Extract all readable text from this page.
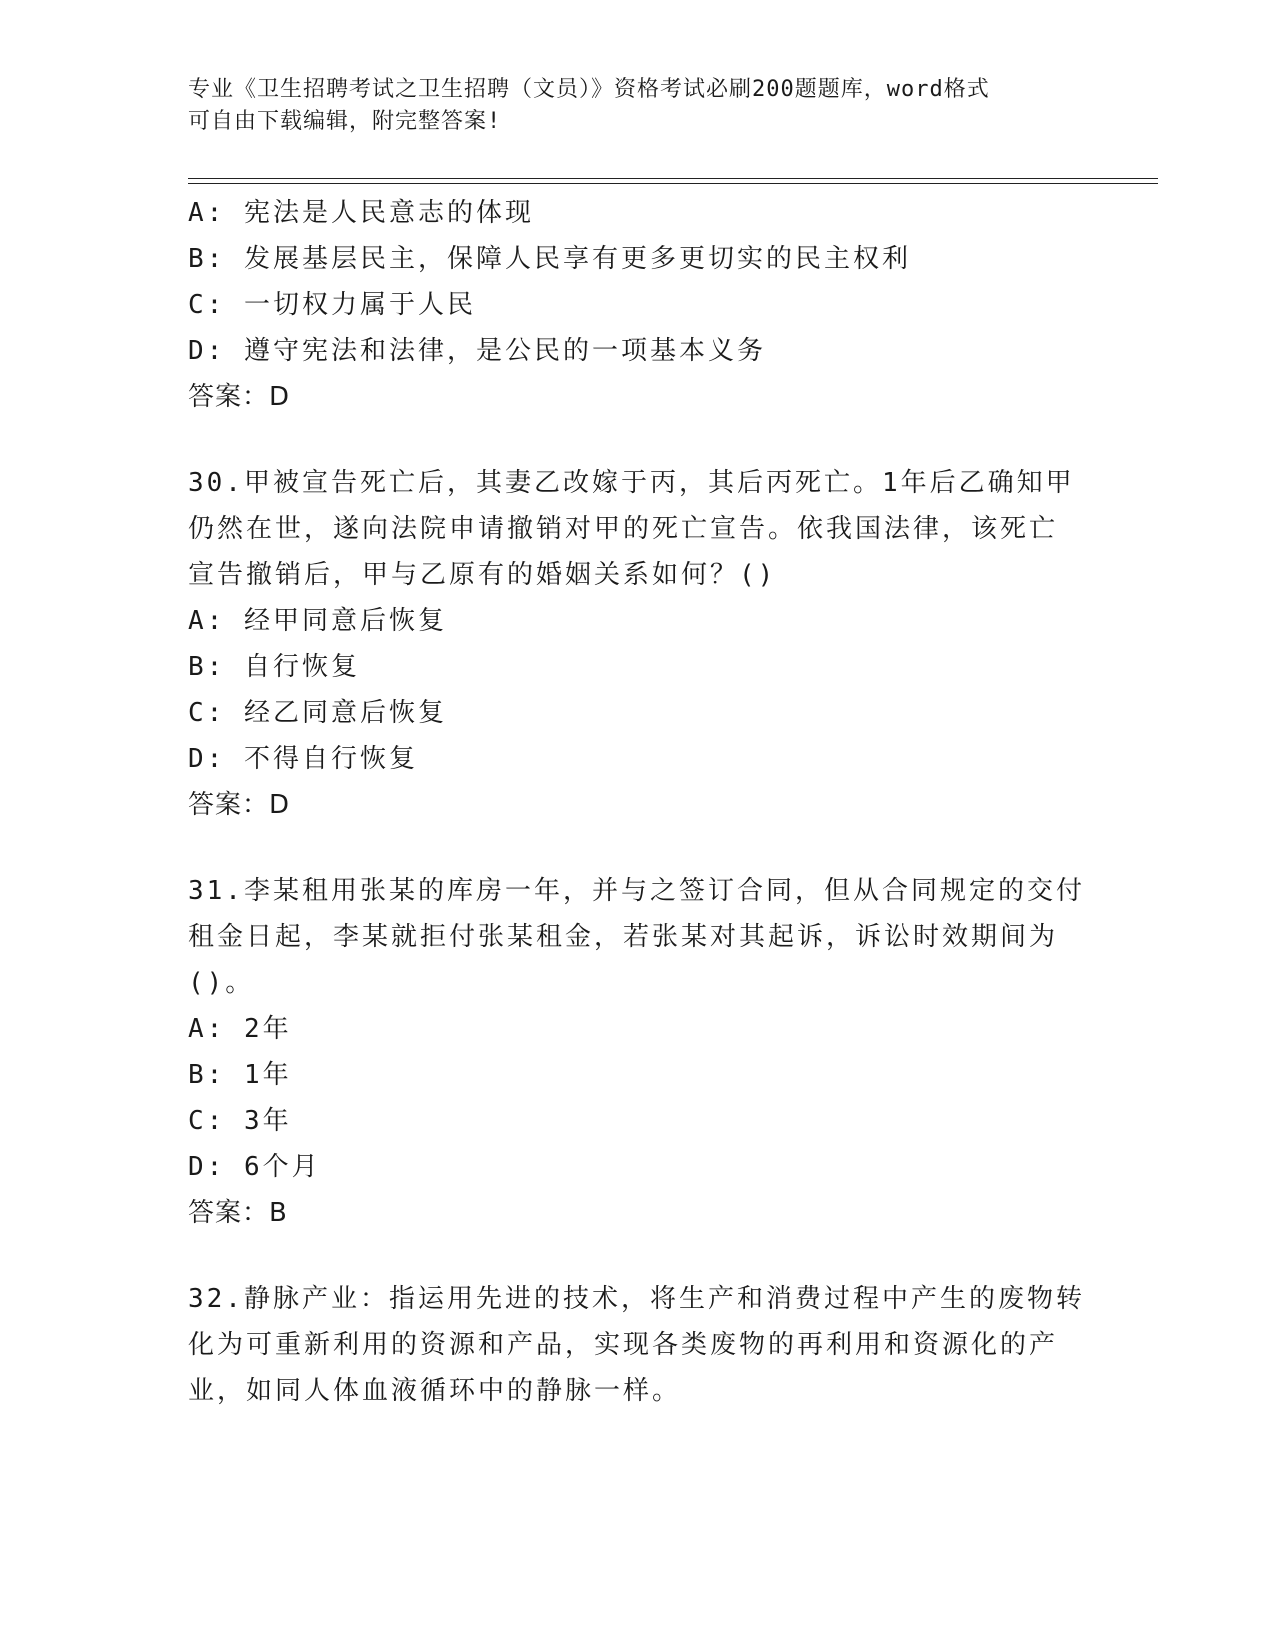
专业《卫生招聘考试之卫生招聘（文员）》资格考试必刷200题题库，word格式
可自由下载编辑，附完整答案!
A: 宪法是人民意志的体现
B: 发展基层民主，保障人民享有更多更切实的民主权利
C: 一切权力属于人民
D: 遵守宪法和法律，是公民的一项基本义务
答案：D
30.甲被宣告死亡后，其妻乙改嫁于丙，其后丙死亡。1年后乙确知甲
仍然在世，遂向法院申请撤销对甲的死亡宣告。依我国法律，该死亡
宣告撤销后，甲与乙原有的婚姻关系如何？()
A: 经甲同意后恢复
B: 自行恢复
C: 经乙同意后恢复
D: 不得自行恢复
答案：D
31.李某租用张某的库房一年，并与之签订合同，但从合同规定的交付
租金日起，李某就拒付张某租金，若张某对其起诉，诉讼时效期间为
()。
A: 2年
B: 1年
C: 3年
D: 6个月
答案：B
32.静脉产业：指运用先进的技术，将生产和消费过程中产生的废物转
化为可重新利用的资源和产品，实现各类废物的再利用和资源化的产
业，如同人体血液循环中的静脉一样。
